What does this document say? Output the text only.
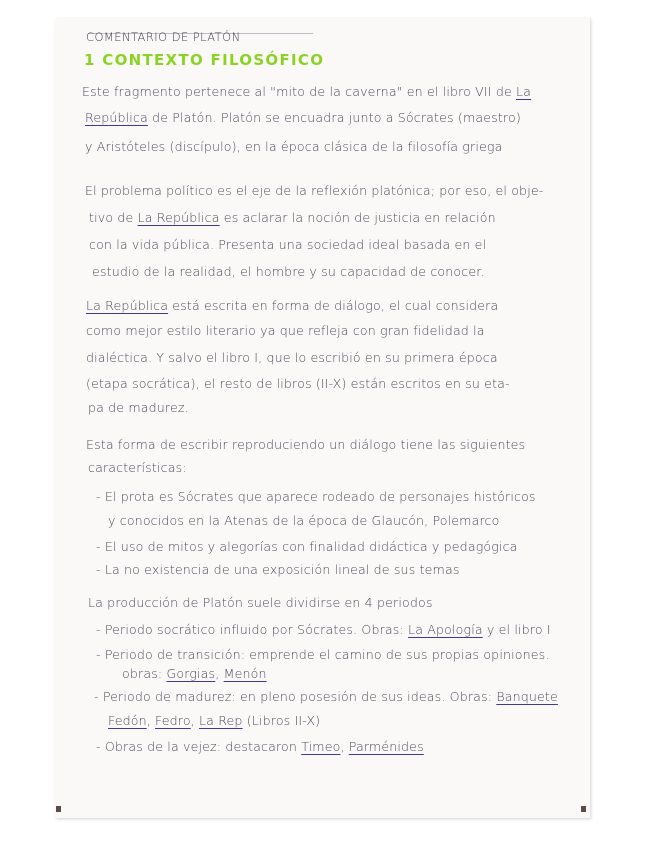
COMENTARIO DE PLATÓN
1 CONTEXTO FILOSÓFICO
Este fragmento pertenece al "mito de la caverna" en el libro VII de La
República de Platón. Platón se encuadra junto a Sócrates (maestro)
y Aristóteles (discípulo), en la época clásica de la filosofía griega
El problema político es el eje de la reflexión platónica; por eso, el obje-
tivo de La República es aclarar la noción de justicia en relación
con la vida pública. Presenta una sociedad ideal basada en el
estudio de la realidad, el hombre y su capacidad de conocer.
La República está escrita en forma de diálogo, el cual considera
como mejor estilo literario ya que refleja con gran fidelidad la
dialéctica. Y salvo el libro I, que lo escribió en su primera época
(etapa socrática), el resto de libros (II-X) están escritos en su eta-
pa de madurez.
Esta forma de escribir reproduciendo un diálogo tiene las siguientes
características:
- El prota es Sócrates que aparece rodeado de personajes históricos
y conocidos en la Atenas de la época de Glaucón, Polemarco
- El uso de mitos y alegorías con finalidad didáctica y pedagógica
- La no existencia de una exposición lineal de sus temas
La producción de Platón suele dividirse en 4 periodos
- Periodo socrático influido por Sócrates. Obras: La Apología y el libro I
- Periodo de transición: emprende el camino de sus propias opiniones.
obras: Gorgias, Menón
- Periodo de madurez: en pleno posesión de sus ideas. Obras: Banquete
Fedón, Fedro, La Rep (Libros II-X)
- Obras de la vejez: destacaron Timeo, Parménides
